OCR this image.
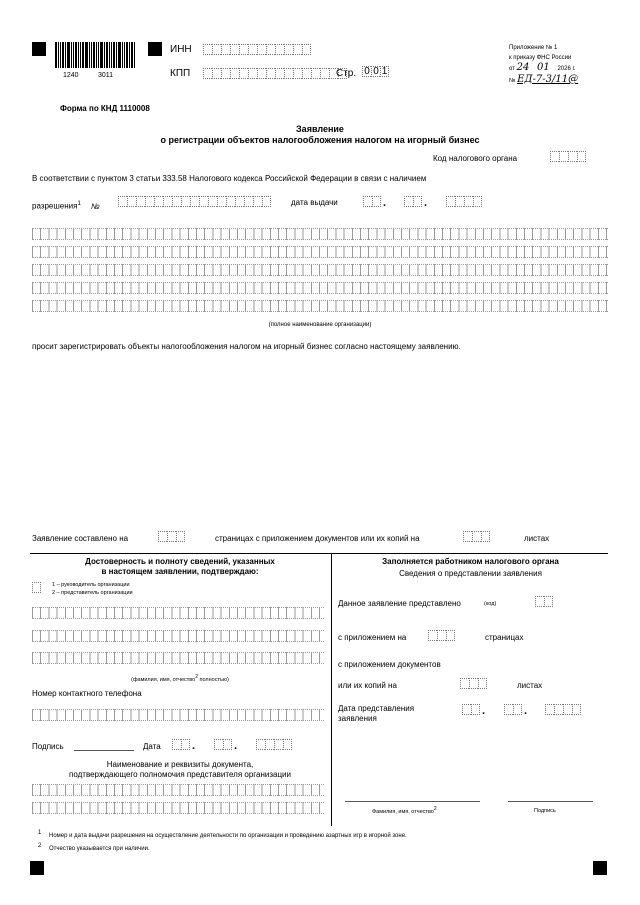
1240	3011
ИНН
КПП	Стр. 0 0 1
Приложение № 1
к приказу ФНС России
от 24 01 2026 г.
№ ЕД-7-3/11@
Форма по КНД 1110008
Заявление
о регистрации объектов налогообложения налогом на игорный бизнес
Код налогового органа
В соответствии с пунктом 3 статьи 333.58 Налогового кодекса Российской Федерации в связи с наличием
разрешения$^1$ №	дата выдачи	.	.
(полное наименование организации)
просит зарегистрировать объекты налогообложения налогом на игорный бизнес согласно настоящему заявлению.
Заявление составлено на	страницах с приложением документов или их копий на	листах
Достоверность и полноту сведений, указанных
в настоящем заявлении, подтверждаю:
1 – руководитель организации
2 – представитель организации
(фамилия, имя, отчество$^2$ полностью)
Номер контактного телефона
Подпись	Дата	.	.
Наименование и реквизиты документа,
подтверждающего полномочия представителя организации
Заполняется работником налогового органа
Сведения о представлении заявления
Данное заявление представлено	(код)
с приложением на	страницах
с приложением документов
или их копий на	листах
Дата представления
заявления
.	.
Фамилия, имя, отчество$^2$	Подпись
$^1$ Номер и дата выдачи разрешения на осуществление деятельности по организации и проведению азартных игр в игорной зоне.
$^2$ Отчество указывается при наличии.
